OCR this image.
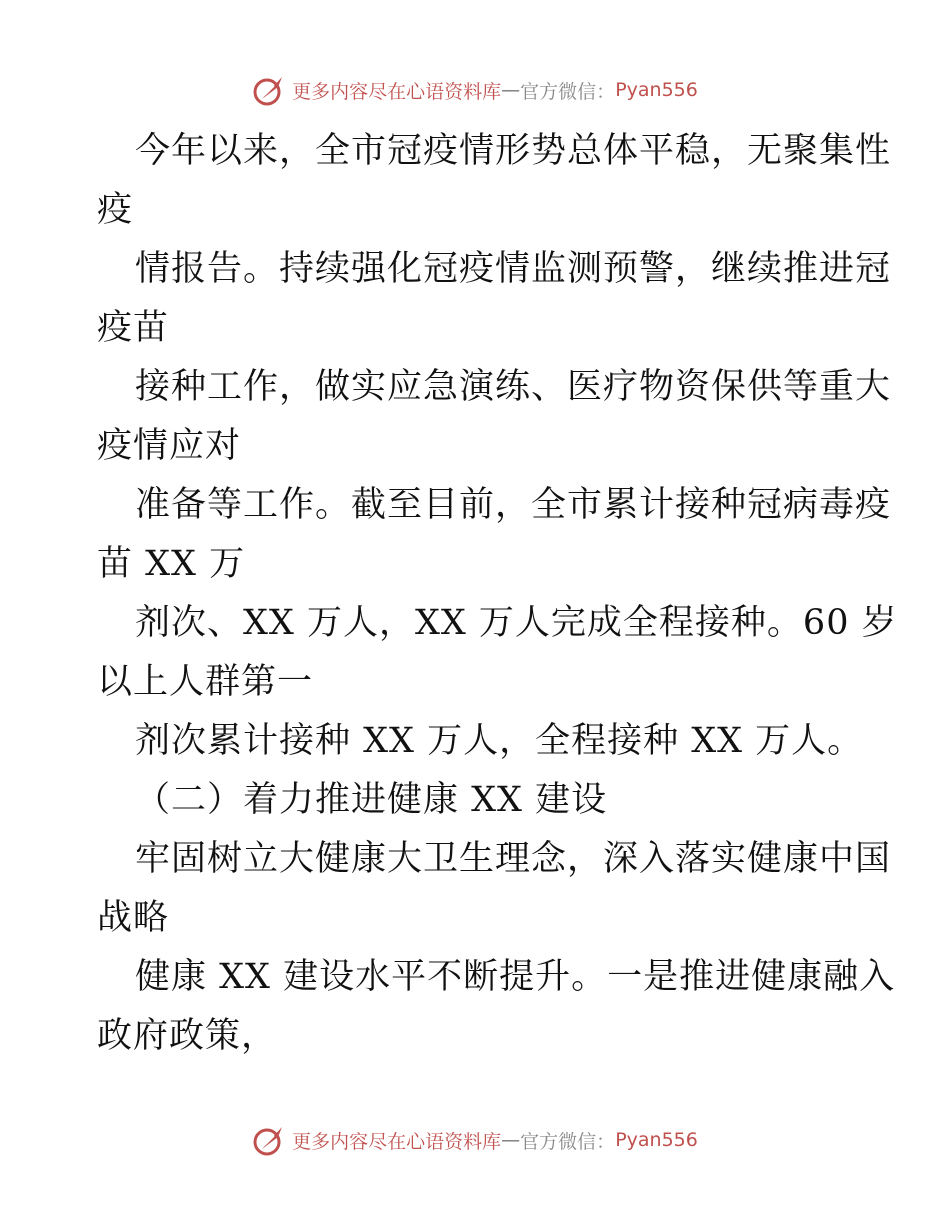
更多内容尽在心语资料库 — 官方微信： Pyan556
今年以来，全市冠疫情形势总体平稳，无聚集性
疫
情报告。持续强化冠疫情监测预警，继续推进冠
疫苗
接种工作，做实应急演练、医疗物资保供等重大
疫情应对
准备等工作。截至目前，全市累计接种冠病毒疫
苗 XX 万
剂次、XX 万人，XX 万人完成全程接种。60 岁
以上人群第一
剂次累计接种 XX 万人，全程接种 XX 万人。
（二）着力推进健康 XX 建设
牢固树立大健康大卫生理念，深入落实健康中国
战略
健康 XX 建设水平不断提升。一是推进健康融入
政府政策，
更多内容尽在心语资料库 — 官方微信： Pyan556
